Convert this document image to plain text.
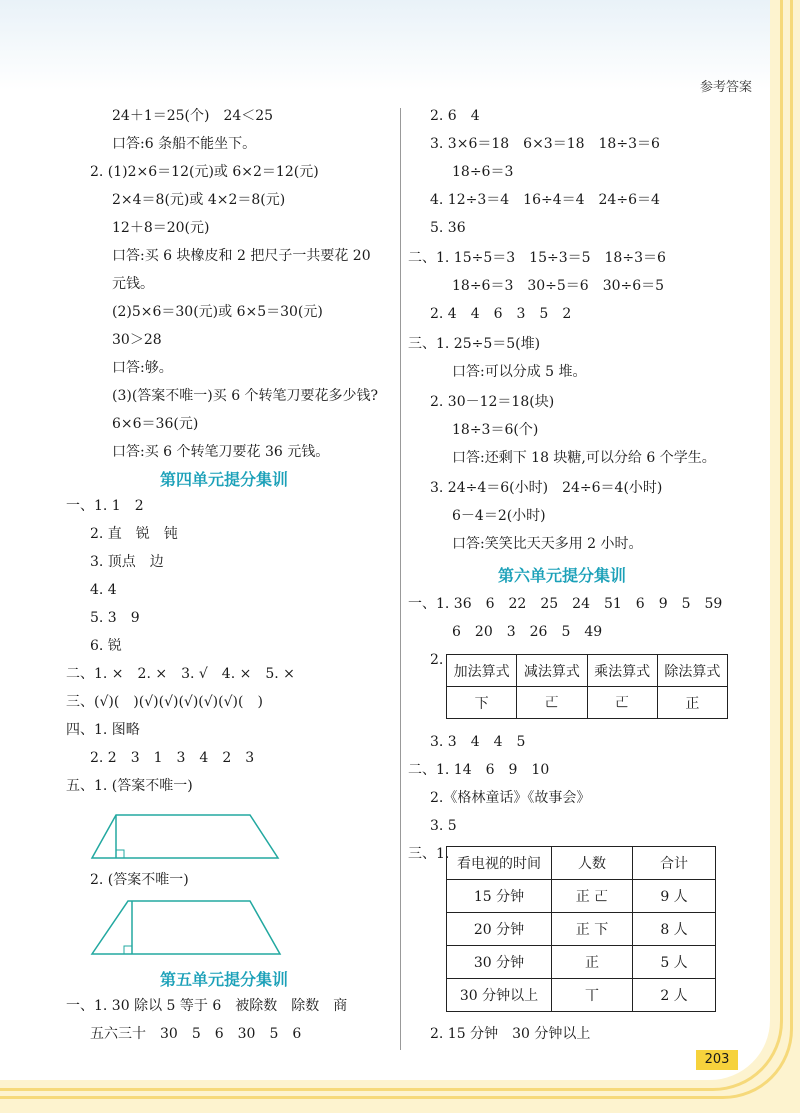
参考答案
24＋1＝25(个)　24＜25
口答:6 条船不能坐下。
2. (1)2×6＝12(元)或 6×2＝12(元)
2×4＝8(元)或 4×2＝8(元)
12＋8＝20(元)
口答:买 6 块橡皮和 2 把尺子一共要花 20
元钱。
(2)5×6＝30(元)或 6×5＝30(元)
30＞28
口答:够。
(3)(答案不唯一)买 6 个转笔刀要花多少钱?
6×6＝36(元)
口答:买 6 个转笔刀要花 36 元钱。
第四单元提分集训
一、1. 1　2
2. 直　锐　钝
3. 顶点　边
4. 4
5. 3　9
6. 锐
二、1. ×　2. ×　3. √　4. ×　5. ×
三、(√)(　)(√)(√)(√)(√)(√)(　)
四、1. 图略
2. 2　3　1　3　4　2　3
五、1. (答案不唯一)
2. (答案不唯一)
第五单元提分集训
一、1. 30 除以 5 等于 6　被除数　除数　商
五六三十　30　5　6　30　5　6
2. 6　4
3. 3×6＝18　6×3＝18　18÷3＝6
18÷6＝3
4. 12÷3＝4　16÷4＝4　24÷6＝4
5. 36
二、1. 15÷5＝3　15÷3＝5　18÷3＝6
18÷6＝3　30÷5＝6　30÷6＝5
2. 4　4　6　3　5　2
三、1. 25÷5＝5(堆)
口答:可以分成 5 堆。
2. 30－12＝18(块)
18÷3＝6(个)
口答:还剩下 18 块糖,可以分给 6 个学生。
3. 24÷4＝6(小时)　24÷6＝4(小时)
6－4＝2(小时)
口答:笑笑比天天多用 2 小时。
第六单元提分集训
一、1. 36　6　22　25　24　51　6　9　5　59
6　20　3　26　5　49
2.
加法算式	减法算式	乘法算式	除法算式
下	𠀀	𠀀	正
3. 3　4　4　5
二、1. 14　6　9　10
2.《格林童话》《故事会》
3. 5
三、1.
看电视的时间	人数	合计
15 分钟	正 𠀀	9 人
20 分钟	正 下	8 人
30 分钟	正	5 人
30 分钟以上	丅	2 人
2. 15 分钟　30 分钟以上
203
